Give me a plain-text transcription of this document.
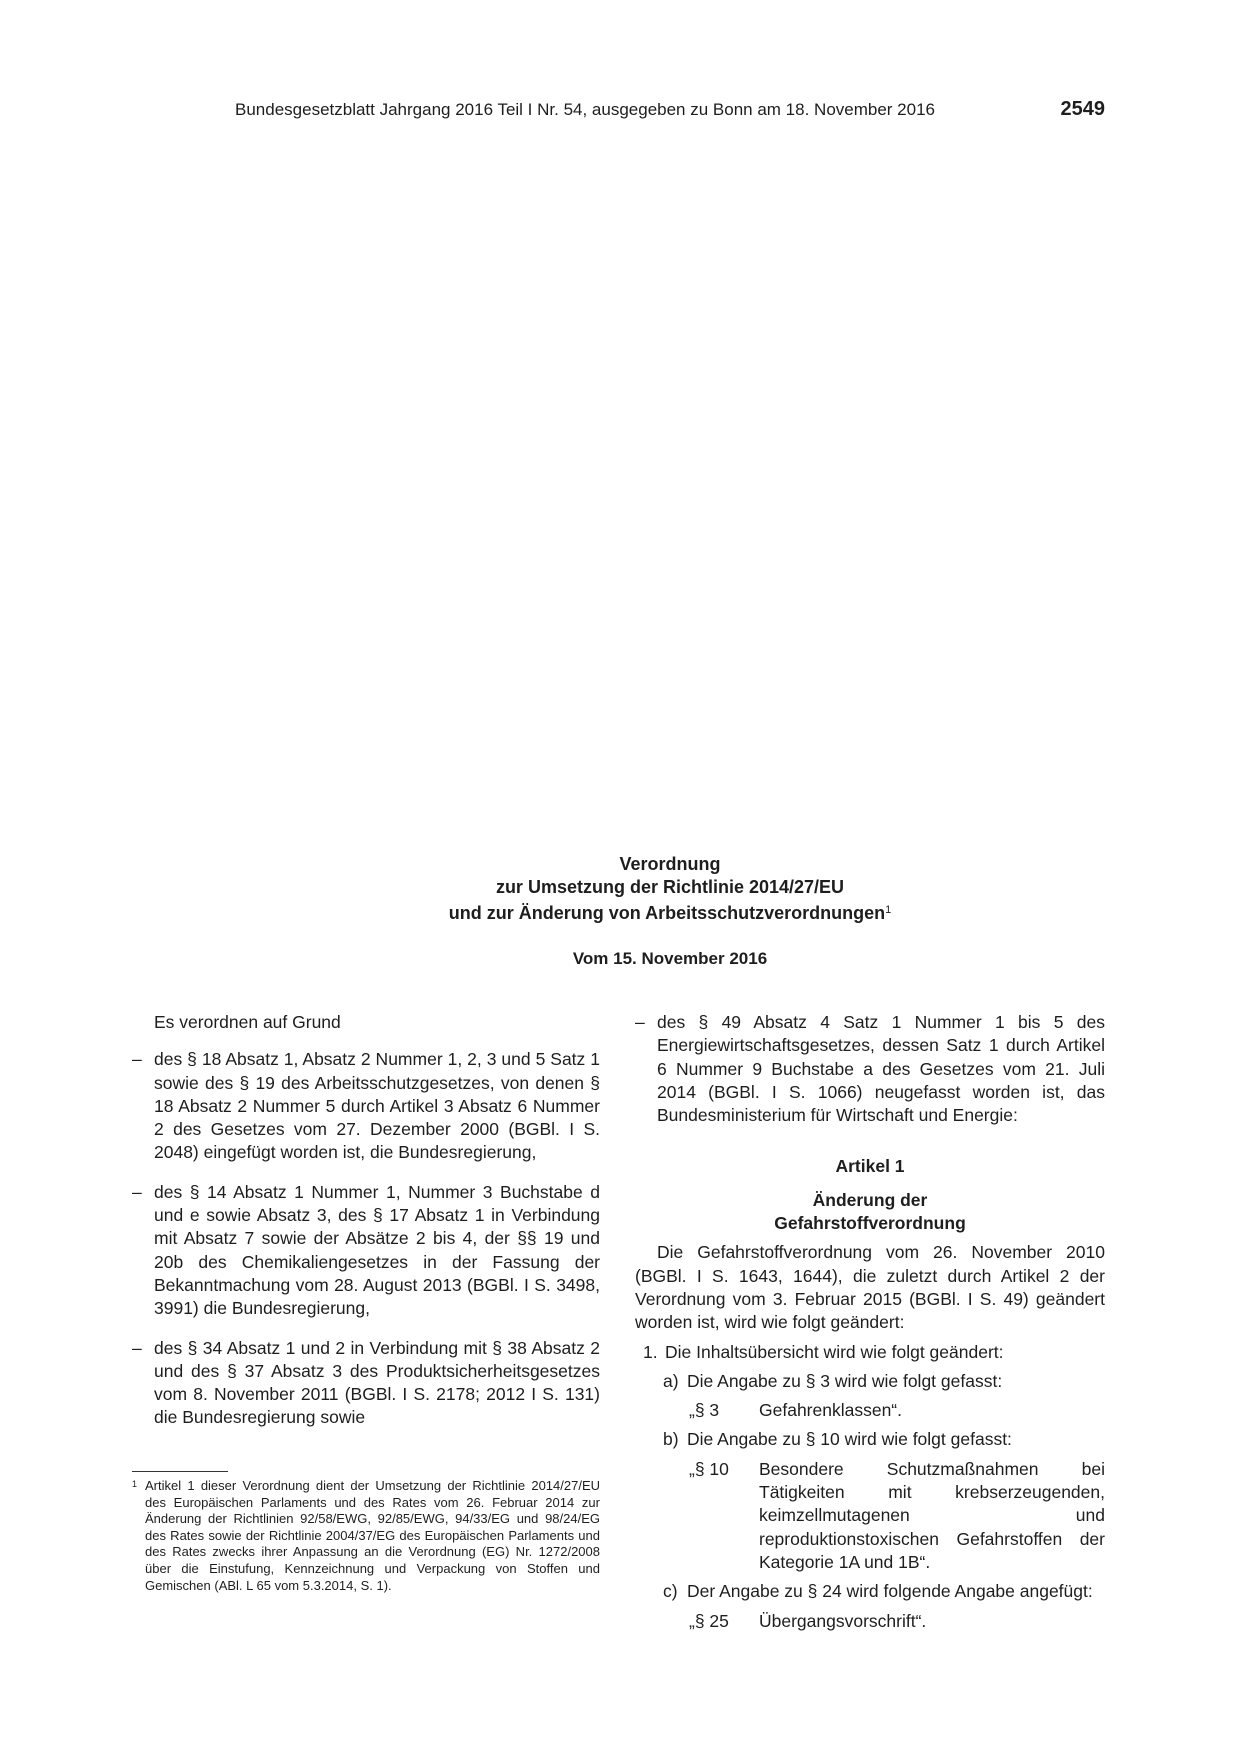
Bundesgesetzblatt Jahrgang 2016 Teil I Nr. 54, ausgegeben zu Bonn am 18. November 2016	2549
Verordnung
zur Umsetzung der Richtlinie 2014/27/EU
und zur Änderung von Arbeitsschutzverordnungen$^1$
Vom 15. November 2016

Es verordnen auf Grund

– des § 18 Absatz 1, Absatz 2 Nummer 1, 2, 3 und 5 Satz 1 sowie des § 19 des Arbeitsschutzgesetzes, von denen § 18 Absatz 2 Nummer 5 durch Artikel 3 Absatz 6 Nummer 2 des Gesetzes vom 27. Dezember 2000 (BGBl. I S. 2048) eingefügt worden ist, die Bundesregierung,
– des § 14 Absatz 1 Nummer 1, Nummer 3 Buchstabe d und e sowie Absatz 3, des § 17 Absatz 1 in Verbindung mit Absatz 7 sowie der Absätze 2 bis 4, der §§ 19 und 20b des Chemikaliengesetzes in der Fassung der Bekanntmachung vom 28. August 2013 (BGBl. I S. 3498, 3991) die Bundesregierung,
– des § 34 Absatz 1 und 2 in Verbindung mit § 38 Absatz 2 und des § 37 Absatz 3 des Produktsicherheitsgesetzes vom 8. November 2011 (BGBl. I S. 2178; 2012 I S. 131) die Bundesregierung sowie
1 Artikel 1 dieser Verordnung dient der Umsetzung der Richtlinie 2014/27/EU des Europäischen Parlaments und des Rates vom 26. Februar 2014 zur Änderung der Richtlinien 92/58/EWG, 92/85/EWG, 94/33/EG und 98/24/EG des Rates sowie der Richtlinie 2004/37/EG des Europäischen Parlaments und des Rates zwecks ihrer Anpassung an die Verordnung (EG) Nr. 1272/2008 über die Einstufung, Kennzeichnung und Verpackung von Stoffen und Gemischen (ABl. L 65 vom 5.3.2014, S. 1).

– des § 49 Absatz 4 Satz 1 Nummer 1 bis 5 des Energiewirtschaftsgesetzes, dessen Satz 1 durch Artikel 6 Nummer 9 Buchstabe a des Gesetzes vom 21. Juli 2014 (BGBl. I S. 1066) neugefasst worden ist, das Bundesministerium für Wirtschaft und Energie:

Artikel 1

Änderung der

Gefahrstoffverordnung

Die Gefahrstoffverordnung vom 26. November 2010 (BGBl. I S. 1643, 1644), die zuletzt durch Artikel 2 der Verordnung vom 3. Februar 2015 (BGBl. I S. 49) geändert worden ist, wird wie folgt geändert:

1. Die Inhaltsübersicht wird wie folgt geändert:
a) Die Angabe zu § 3 wird wie folgt gefasst:
„§ 3 Gefahrenklassen“.
b) Die Angabe zu § 10 wird wie folgt gefasst:
„§ 10 Besondere Schutzmaßnahmen bei Tätigkeiten mit krebserzeugenden, keimzellmutagenen und reproduktionstoxischen Gefahrstoffen der Kategorie 1A und 1B“.
c) Der Angabe zu § 24 wird folgende Angabe angefügt:
„§ 25 Übergangsvorschrift“.
